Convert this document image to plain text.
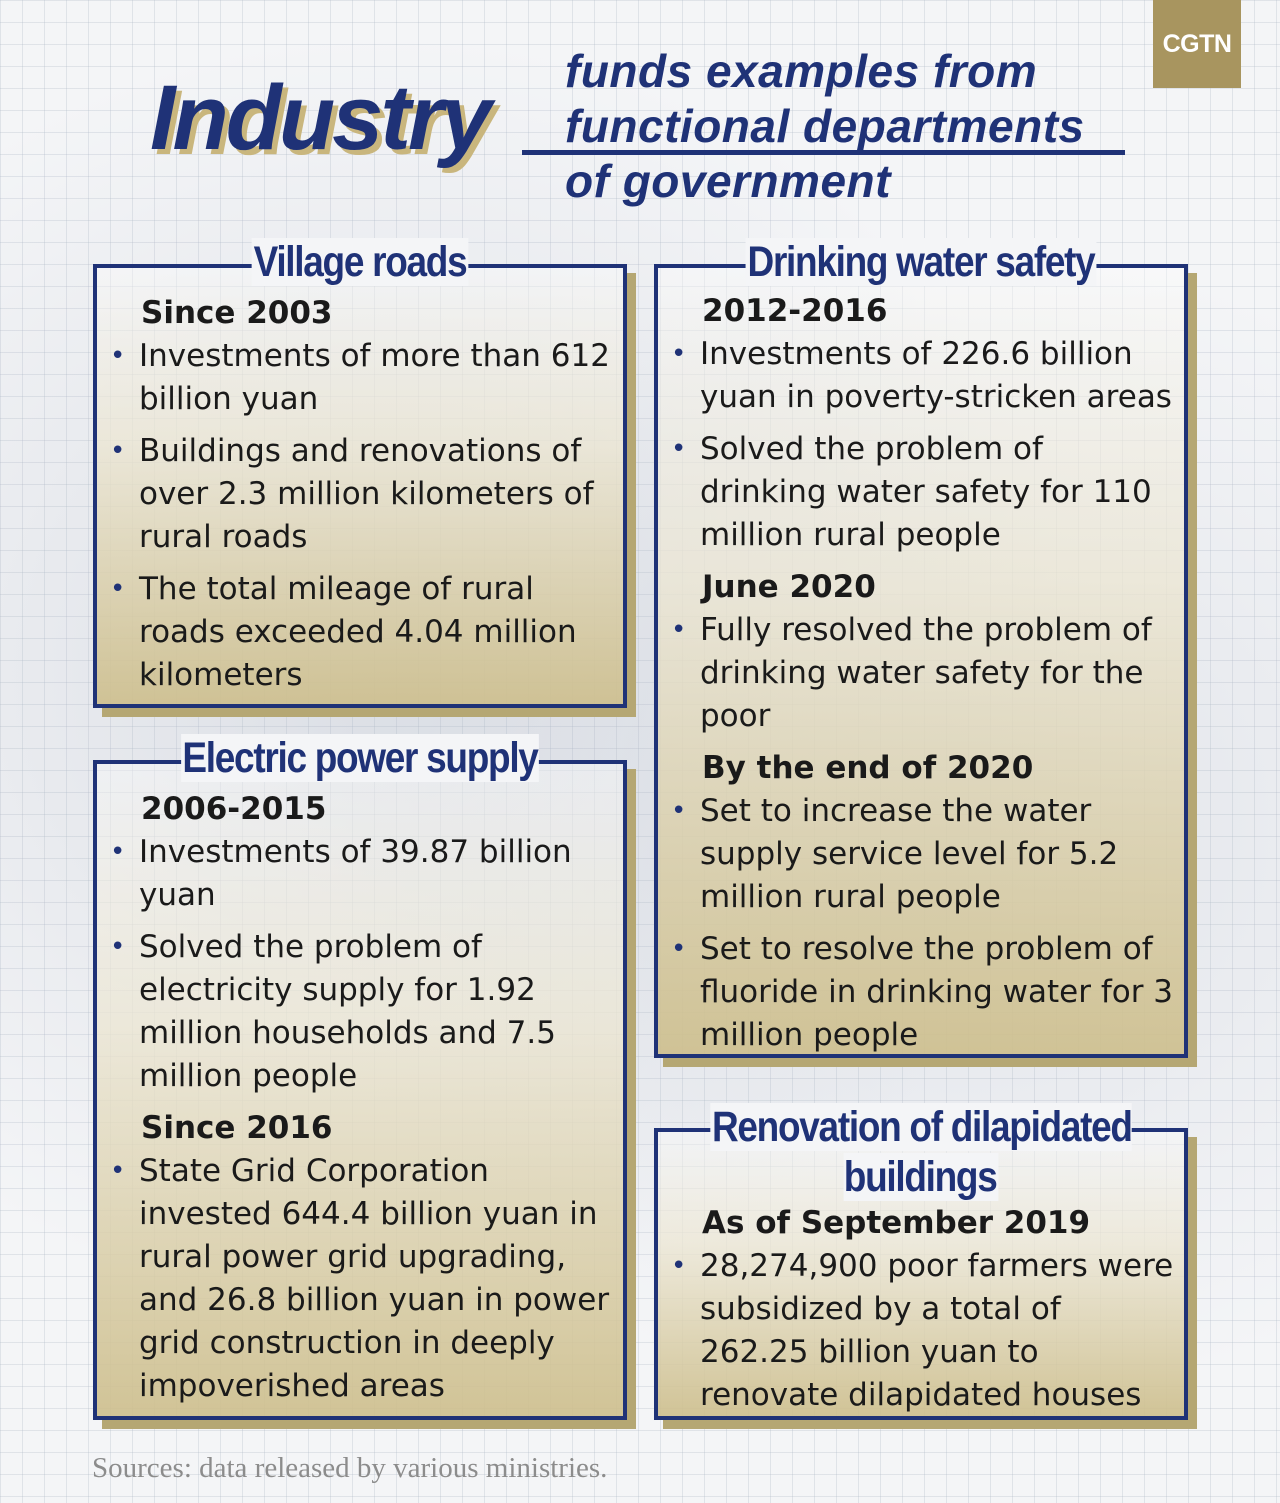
CGTN
Industry funds examples from
functional departments
of government
Village roads
Since 2003
• Investments of more than 612 billion yuan
• Buildings and renovations of over 2.3 million kilometers of rural roads
• The total mileage of rural roads exceeded 4.04 million kilometers
Electric power supply
2006-2015
• Investments of 39.87 billion yuan
• Solved the problem of electricity supply for 1.92 million households and 7.5 million people
Since 2016
• State Grid Corporation invested 644.4 billion yuan in rural power grid upgrading, and 26.8 billion yuan in power grid construction in deeply impoverished areas
Drinking water safety
2012-2016
• Investments of 226.6 billion yuan in poverty-stricken areas
• Solved the problem of drinking water safety for 110 million rural people
June 2020
• Fully resolved the problem of drinking water safety for the poor
By the end of 2020
• Set to increase the water supply service level for 5.2 million rural people
• Set to resolve the problem of fluoride in drinking water for 3 million people
Renovation of dilapidated buildings
As of September 2019
• 28,274,900 poor farmers were subsidized by a total of 262.25 billion yuan to renovate dilapidated houses

Sources: data released by various ministries.
